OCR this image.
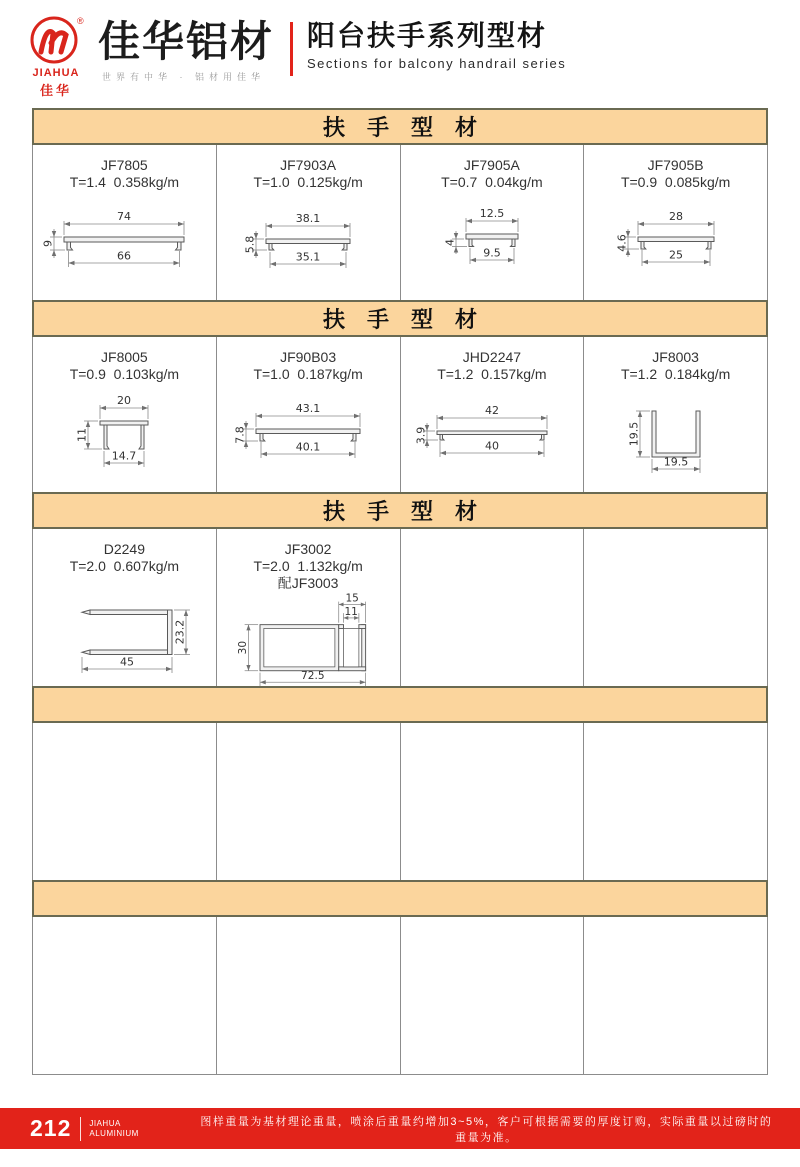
®
JIAHUA
佳华
佳华铝材
世界有中华 · 铝材用佳华
阳台扶手系列型材
Sections for balcony handrail series
扶手型材
JF7805
T=1.4  0.358kg/m
74
66
9
JF7903A
T=1.0  0.125kg/m
38.1
35.1
5.8
JF7905A
T=0.7  0.04kg/m
12.5
9.5
4
JF7905B
T=0.9  0.085kg/m
28
25
4.6
扶手型材
JF8005
T=0.9  0.103kg/m
20
11
14.7
JF90B03
T=1.0  0.187kg/m
43.1
40.1
7.8
JHD2247
T=1.2  0.157kg/m
42
40
3.9
JF8003
T=1.2  0.184kg/m
19.5
19.5
扶手型材
D2249
T=2.0  0.607kg/m
45
23.2
JF3002
T=2.0  1.132kg/m
配JF3003
15
11
30
72.5
212 JIAHUA
ALUMINIUM
图样重量为基材理论重量，喷涂后重量约增加3~5%，客户可根据需要的厚度订购，实际重量以过磅时的重量为准。
